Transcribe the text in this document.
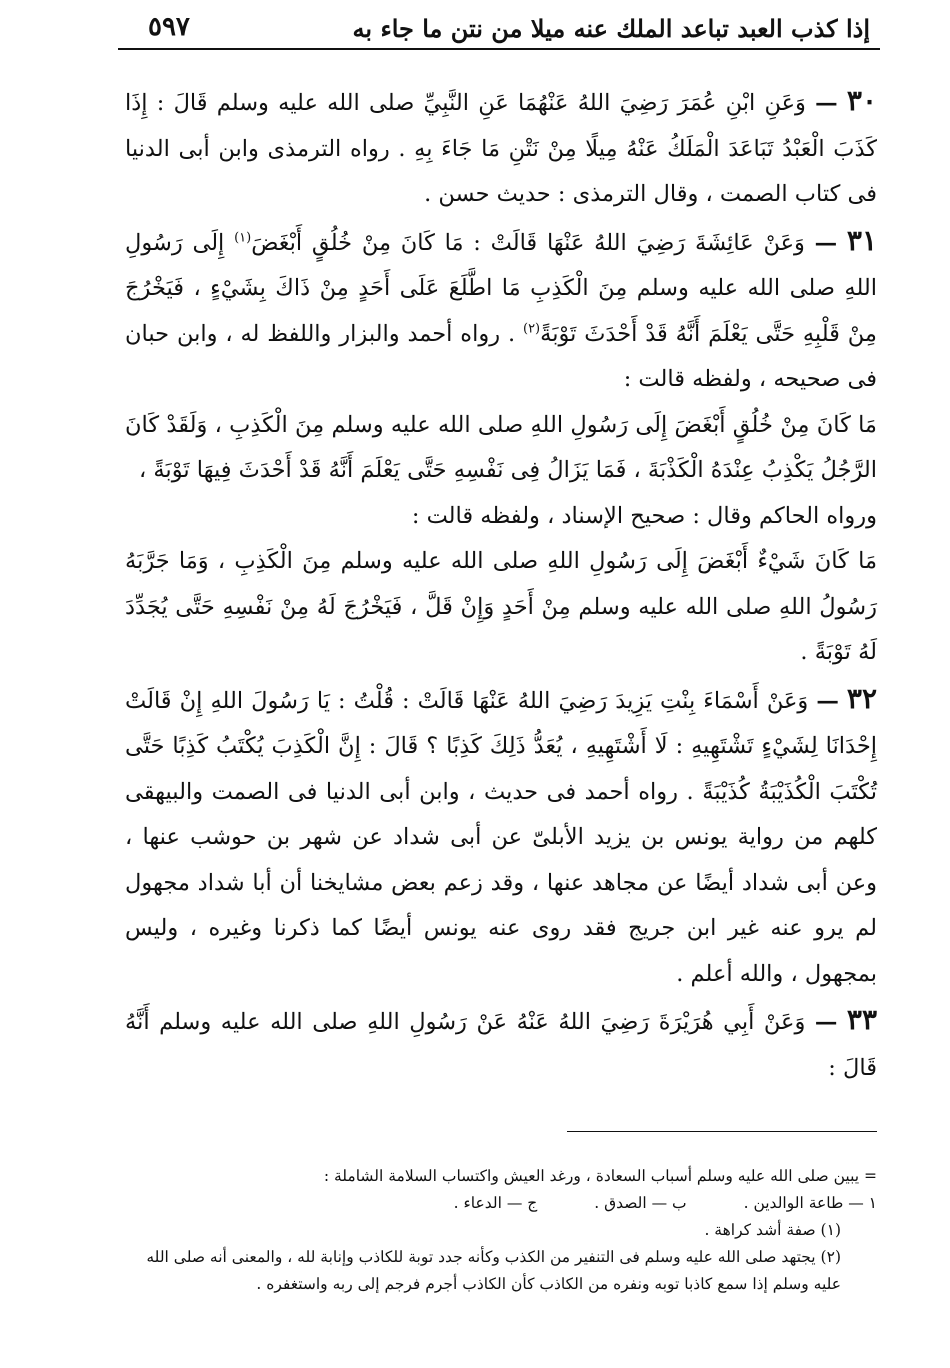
إذا كذب العبد تباعد الملك عنه ميلا من نتن ما جاء به
٥٩٧

٣٠ — وَعَنِ ابْنِ عُمَرَ رَضِيَ اللهُ عَنْهُمَا عَنِ النَّبِيِّ صلى الله عليه وسلم قَالَ : إِذَا كَذَبَ الْعَبْدُ تَبَاعَدَ الْمَلَكُ عَنْهُ مِيلًا مِنْ نَتْنِ مَا جَاءَ بِهِ . رواه الترمذى وابن أبى الدنيا فى كتاب الصمت ، وقال الترمذى : حديث حسن .

٣١ — وَعَنْ عَائِشَةَ رَضِيَ اللهُ عَنْهَا قَالَتْ : مَا كَانَ مِنْ خُلُقٍ أَبْغَضَ$^{(١)}$ إِلَى رَسُولِ اللهِ صلى الله عليه وسلم مِنَ الْكَذِبِ مَا اطَّلَعَ عَلَى أَحَدٍ مِنْ ذَاكَ بِشَيْءٍ ، فَيَخْرُجَ مِنْ قَلْبِهِ حَتَّى يَعْلَمَ أَنَّهُ قَدْ أَحْدَثَ تَوْبَةً$^{(٢)}$ . رواه أحمد والبزار واللفظ له ، وابن حبان فى صحيحه ، ولفظه قالت :

مَا كَانَ مِنْ خُلُقٍ أَبْغَضَ إِلَى رَسُولِ اللهِ صلى الله عليه وسلم مِنَ الْكَذِبِ ، وَلَقَدْ كَانَ الرَّجُلُ يَكْذِبُ عِنْدَهُ الْكَذْبَةَ ، فَمَا يَزَالُ فِى نَفْسِهِ حَتَّى يَعْلَمَ أَنَّهُ قَدْ أَحْدَثَ فِيهَا تَوْبَةً ،

ورواه الحاكم وقال : صحيح الإسناد ، ولفظه قالت :

مَا كَانَ شَيْءٌ أَبْغَضَ إِلَى رَسُولِ اللهِ صلى الله عليه وسلم مِنَ الْكَذِبِ ، وَمَا جَرَّبَهُ رَسُولُ اللهِ صلى الله عليه وسلم مِنْ أَحَدٍ وَإِنْ قَلَّ ، فَيَخْرُجَ لَهُ مِنْ نَفْسِهِ حَتَّى يُجَدِّدَ لَهُ تَوْبَةً .

٣٢ — وَعَنْ أَسْمَاءَ بِنْتِ يَزِيدَ رَضِيَ اللهُ عَنْهَا قَالَتْ : قُلْتُ : يَا رَسُولَ اللهِ إِنْ قَالَتْ إِحْدَانَا لِشَيْءٍ تَشْتَهِيهِ : لَا أَشْتَهِيهِ ، يُعَدُّ ذَلِكَ كَذِبًا ؟ قَالَ : إِنَّ الْكَذِبَ يُكْتَبُ كَذِبًا حَتَّى تُكْتَبَ الْكُذَيْبَةُ كُذَيْبَةً . رواه أحمد فى حديث ، وابن أبى الدنيا فى الصمت والبيهقى كلهم من رواية يونس بن يزيد الأبلىّ عن أبى شداد عن شهر بن حوشب عنها ، وعن أبى شداد أيضًا عن مجاهد عنها ، وقد زعم بعض مشايخنا أن أبا شداد مجهول لم يرو عنه غير ابن جريج فقد روى عنه يونس أيضًا كما ذكرنا وغيره ، وليس بمجهول ، والله أعلم .

٣٣ — وَعَنْ أَبِي هُرَيْرَةَ رَضِيَ اللهُ عَنْهُ عَنْ رَسُولِ اللهِ صلى الله عليه وسلم أَنَّهُ قَالَ :

= يبين صلى الله عليه وسلم أسباب السعادة ، ورغد العيش واكتساب السلامة الشاملة :

١ — طاعة الوالدين . ب — الصدق . ج — الدعاء .

(١) صفة أشد كراهة .

(٢) يجتهد صلى الله عليه وسلم فى التنفير من الكذب وكأنه جدد توبة للكاذب وإنابة لله ، والمعنى أنه صلى الله عليه وسلم إذا سمع كاذبا توبه ونفره من الكاذب كأن الكاذب أجرم فرجم إلى ربه واستغفره .
